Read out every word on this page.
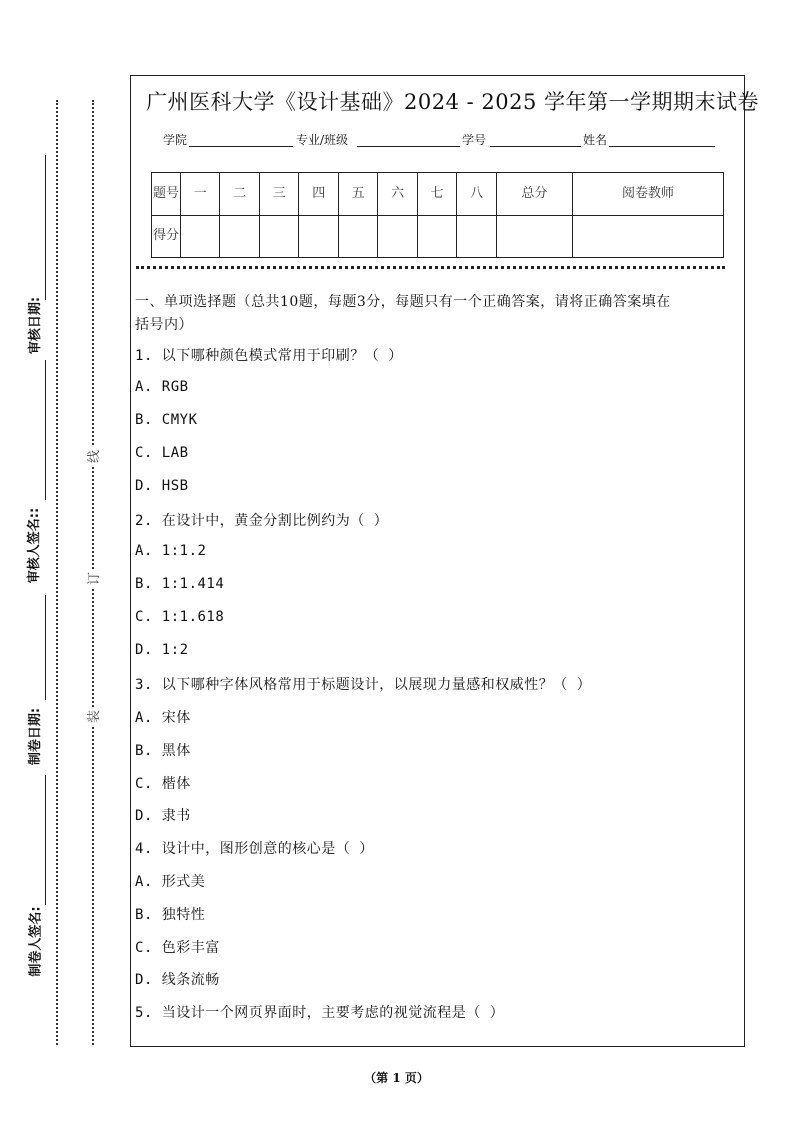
广州医科大学《设计基础》2024 - 2025 学年第一学期期末试卷
学院	专业/班级	学号	姓名
题号	一	二	三	四	五	六	七	八	总分	阅卷教师
得分										
一、单项选择题（总共10题，每题3分，每题只有一个正确答案，请将正确答案填在
括号内）
1. 以下哪种颜色模式常用于印刷？（ ）
A. RGB
B. CMYK
C. LAB
D. HSB
2. 在设计中，黄金分割比例约为（ ）
A. 1:1.2
B. 1:1.414
C. 1:1.618
D. 1:2
3. 以下哪种字体风格常用于标题设计，以展现力量感和权威性？（ ）
A. 宋体
B. 黑体
C. 楷体
D. 隶书
4. 设计中，图形创意的核心是（ ）
A. 形式美
B. 独特性
C. 色彩丰富
D. 线条流畅
5. 当设计一个网页界面时，主要考虑的视觉流程是（ ）
审核日期:
审核人签名::
制卷日期:
制卷人签名:
线
订
装
（第 1 页）
